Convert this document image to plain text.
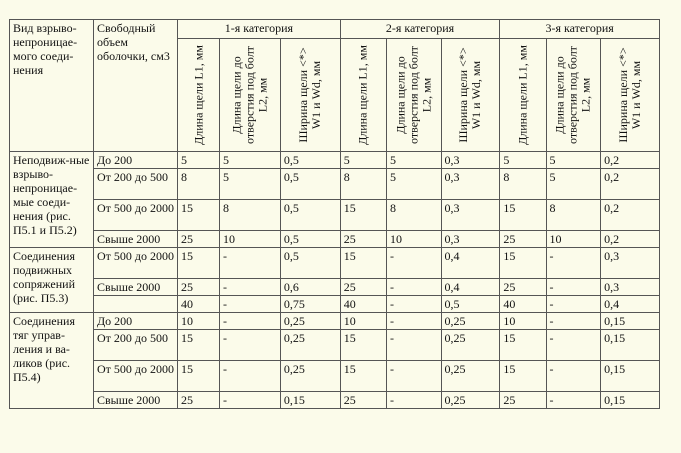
Вид взрыво-непроницае-мого соеди-нения	Свободный объем оболочки, см3	1-я категория			2-я категория			3-я категория		

		Длина щели L1, мм	Длина щели до отверстия под болт L2, мм	Ширина щели <*> W1 и Wd, мм	Длина щели L1, мм	Длина щели до отверстия под болт L2, мм	Ширина щели <*> W1 и Wd, мм	Длина щели L1, мм	Длина щели до отверстия под болт L2, мм	Ширина щели <*> W1 и Wd, мм

Неподвиж-ные взрыво-непроницае-мые соеди-нения (рис. П5.1 и П5.2)	До 200	5	5	0,5	5	5	0,3	5	5	0,2
	От 200 до 500	8	5	0,5	8	5	0,3	8	5	0,2
	От 500 до 2000	15	8	0,5	15	8	0,3	15	8	0,2
	Свыше 2000	25	10	0,5	25	10	0,3	25	10	0,2
Соединения подвижных сопряжений (рис. П5.3)	От 500 до 2000	15	-	0,5	15	-	0,4	15	-	0,3
	Свыше 2000	25	-	0,6	25	-	0,4	25	-	0,3
		40	-	0,75	40	-	0,5	40	-	0,4
Соединения тяг управ-ления и ва-ликов (рис. П5.4)	До 200	10	-	0,25	10	-	0,25	10	-	0,15
	От 200 до 500	15	-	0,25	15	-	0,25	15	-	0,15
	От 500 до 2000	15	-	0,25	15	-	0,25	15	-	0,15
	Свыше 2000	25	-	0,15	25	-	0,25	25	-	0,15
